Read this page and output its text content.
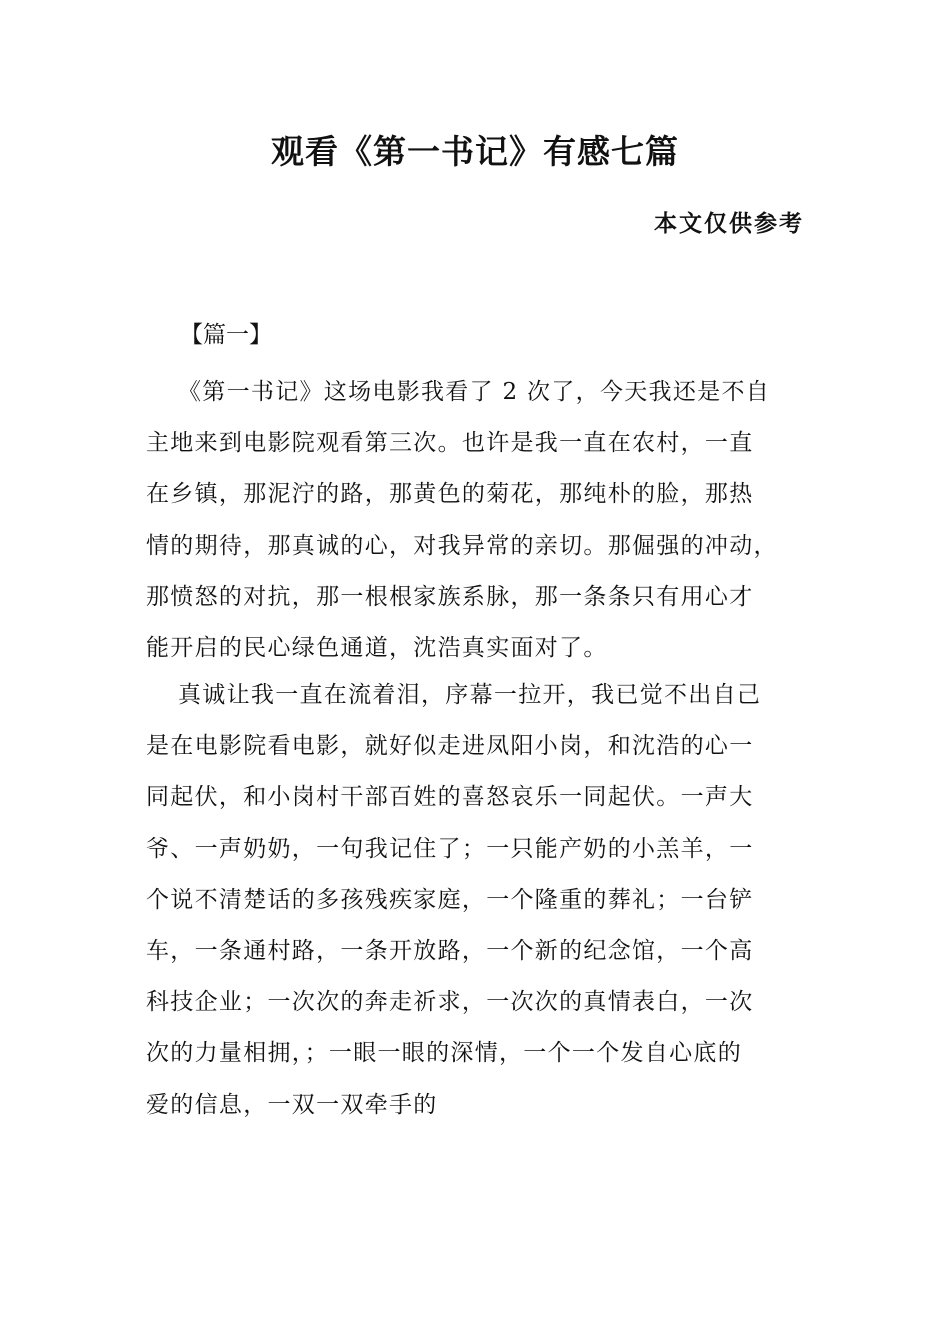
观看《第一书记》有感七篇
本文仅供参考
【篇一】
《第一书记》这场电影我看了 2 次了，今天我还是不自
主地来到电影院观看第三次。也许是我一直在农村，一直
在乡镇，那泥泞的路，那黄色的菊花，那纯朴的脸，那热
情的期待，那真诚的心，对我异常的亲切。那倔强的冲动，
那愤怒的对抗，那一根根家族系脉，那一条条只有用心才
能开启的民心绿色通道，沈浩真实面对了。
真诚让我一直在流着泪，序幕一拉开，我已觉不出自己
是在电影院看电影，就好似走进凤阳小岗，和沈浩的心一
同起伏，和小岗村干部百姓的喜怒哀乐一同起伏。一声大
爷、一声奶奶，一句我记住了；一只能产奶的小羔羊，一
个说不清楚话的多孩残疾家庭，一个隆重的葬礼；一台铲
车，一条通村路，一条开放路，一个新的纪念馆，一个高
科技企业；一次次的奔走祈求，一次次的真情表白，一次
次的力量相拥，；一眼一眼的深情，一个一个发自心底的
爱的信息，一双一双牵手的
